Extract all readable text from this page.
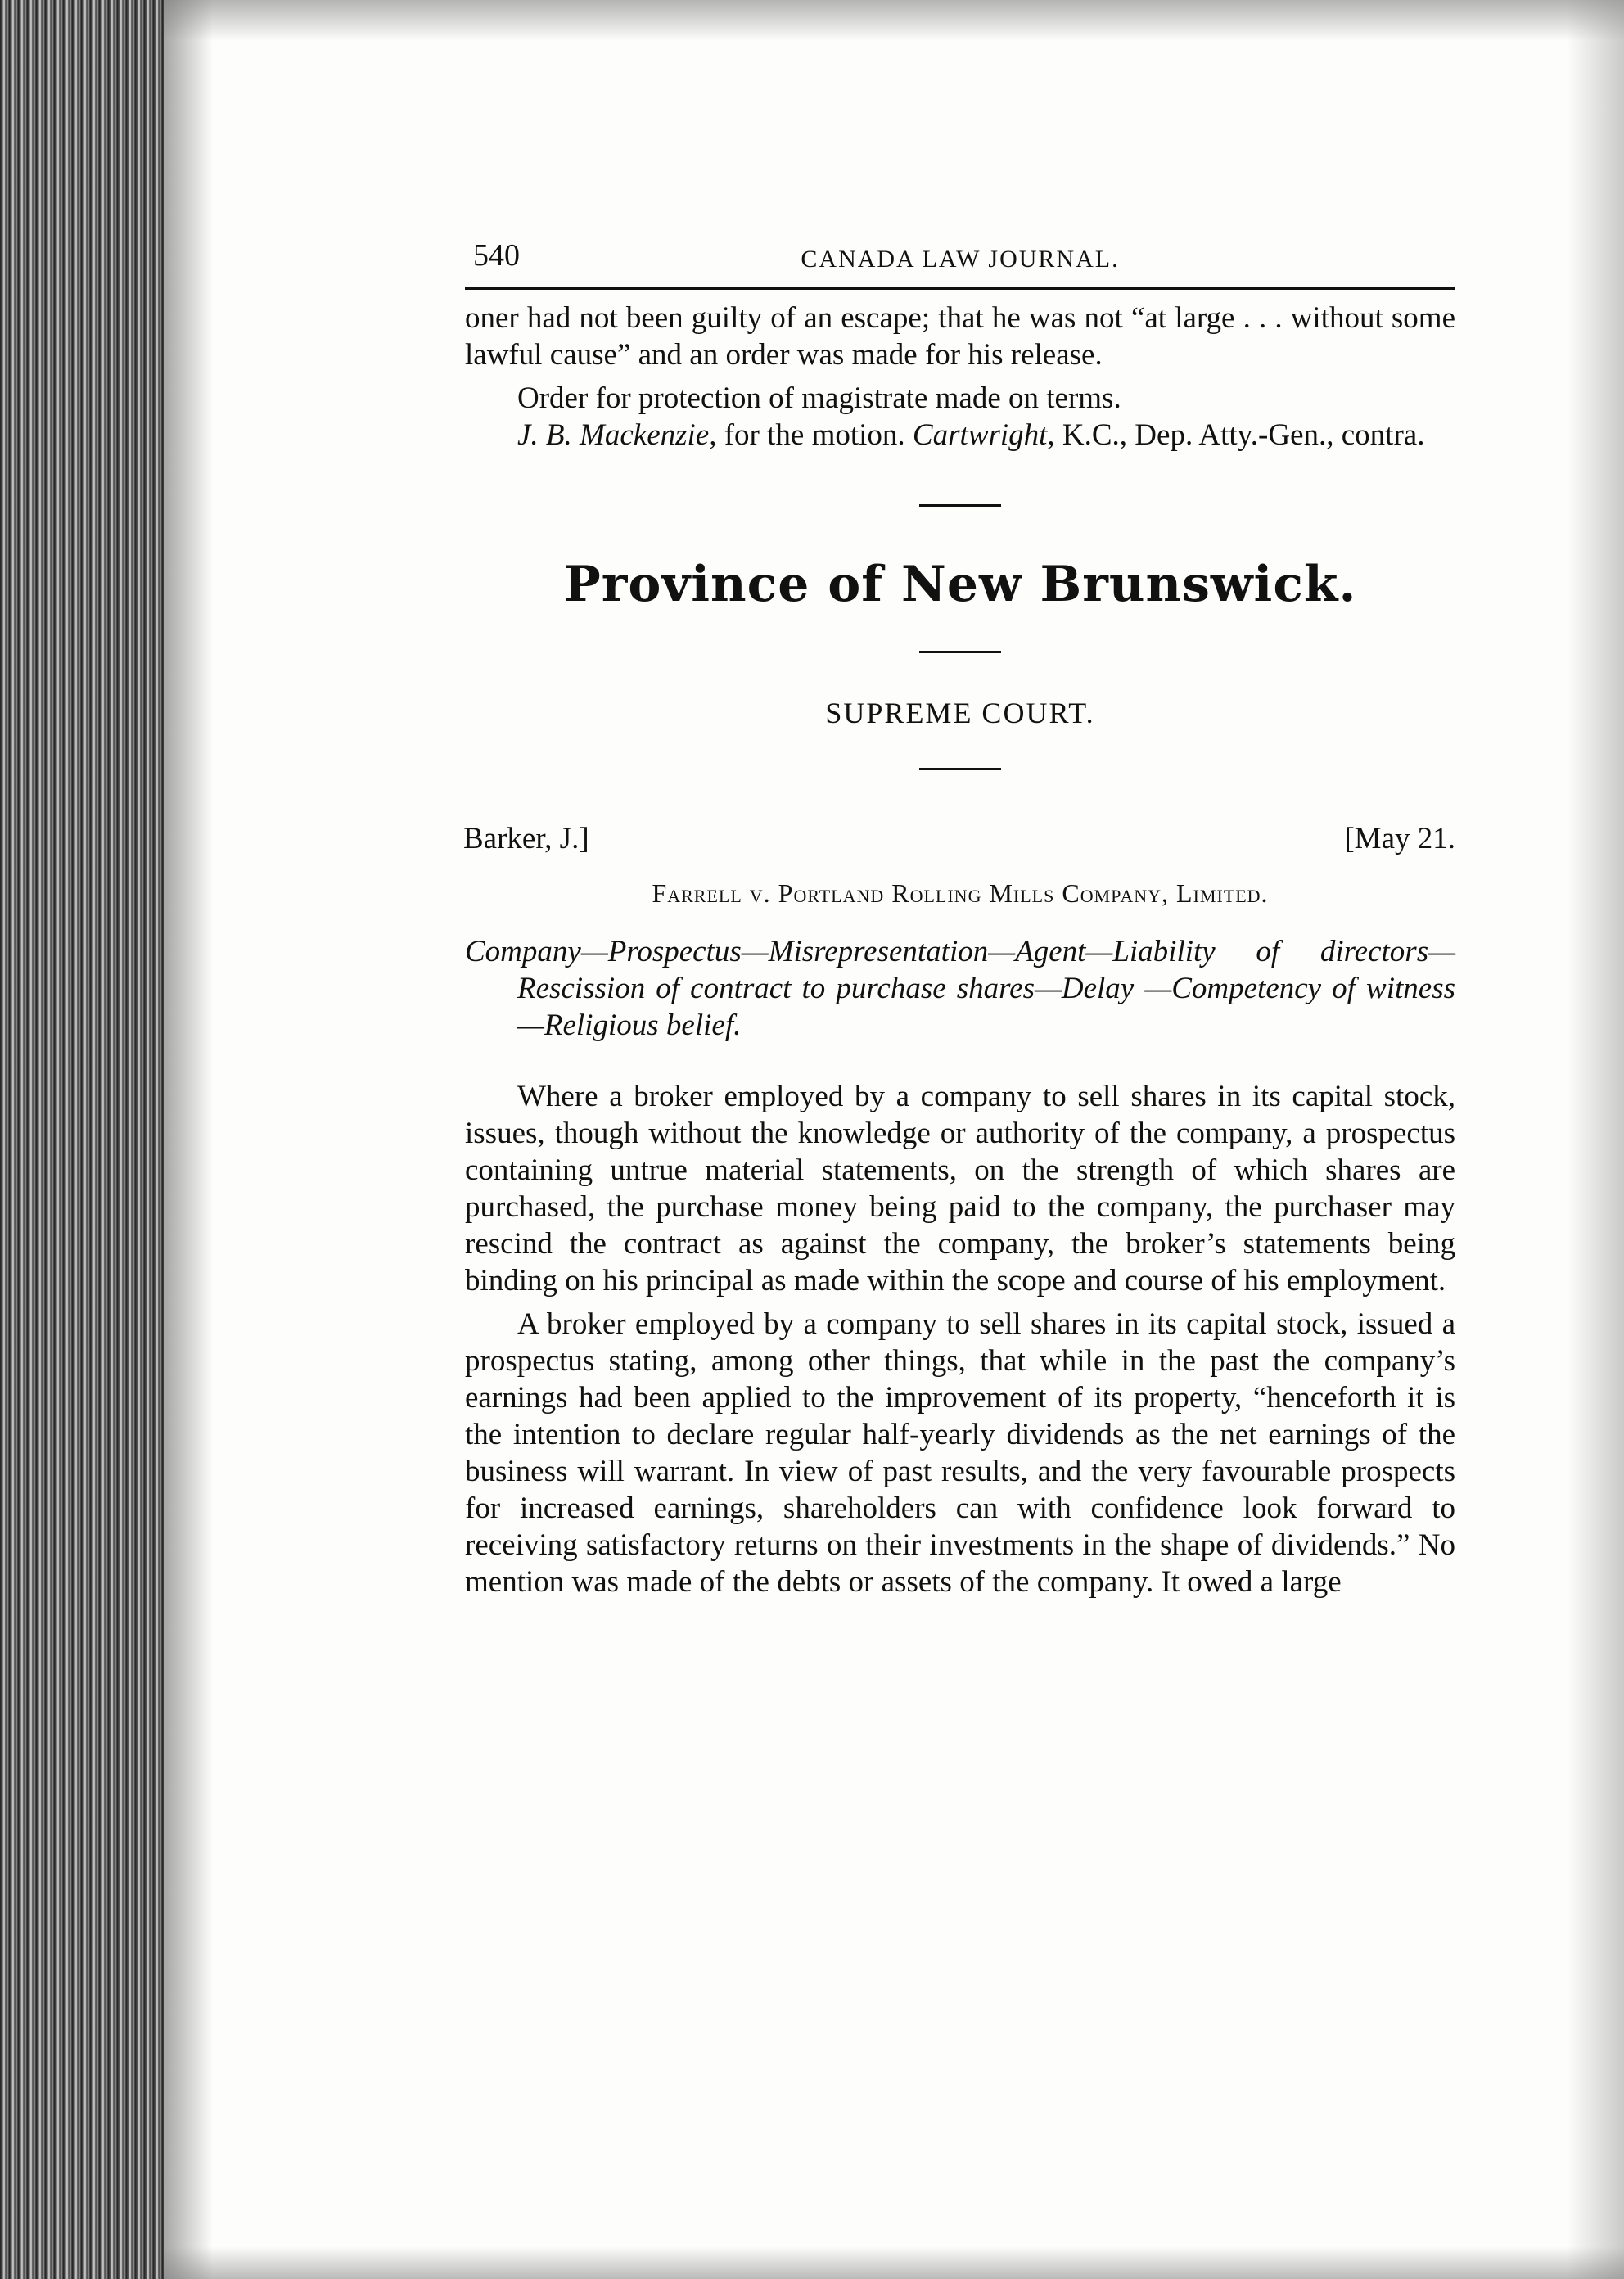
540	CANADA LAW JOURNAL.

oner had not been guilty of an escape; that he was not “at large . . . without some lawful cause” and an order was made for his release.

Order for protection of magistrate made on terms.

J. B. Mackenzie, for the motion. Cartwright, K.C., Dep. Atty.-Gen., contra.

Province of New Brunswick.
SUPREME COURT.
Barker, J.]	[May 21.
Farrell v. Portland Rolling Mills Company, Limited.

Company—Prospectus—Misrepresentation—Agent—Liability of directors—Rescission of contract to purchase shares—Delay —Competency of witness—Religious belief.

Where a broker employed by a company to sell shares in its capital stock, issues, though without the knowledge or authority of the company, a prospectus containing untrue material statements, on the strength of which shares are purchased, the purchase money being paid to the company, the purchaser may rescind the contract as against the company, the broker’s statements being binding on his principal as made within the scope and course of his employment.

A broker employed by a company to sell shares in its capital stock, issued a prospectus stating, among other things, that while in the past the company’s earnings had been applied to the improvement of its property, “henceforth it is the intention to declare regular half-yearly dividends as the net earnings of the business will warrant. In view of past results, and the very favourable prospects for increased earnings, shareholders can with confidence look forward to receiving satisfactory returns on their investments in the shape of dividends.” No mention was made of the debts or assets of the company. It owed a large
